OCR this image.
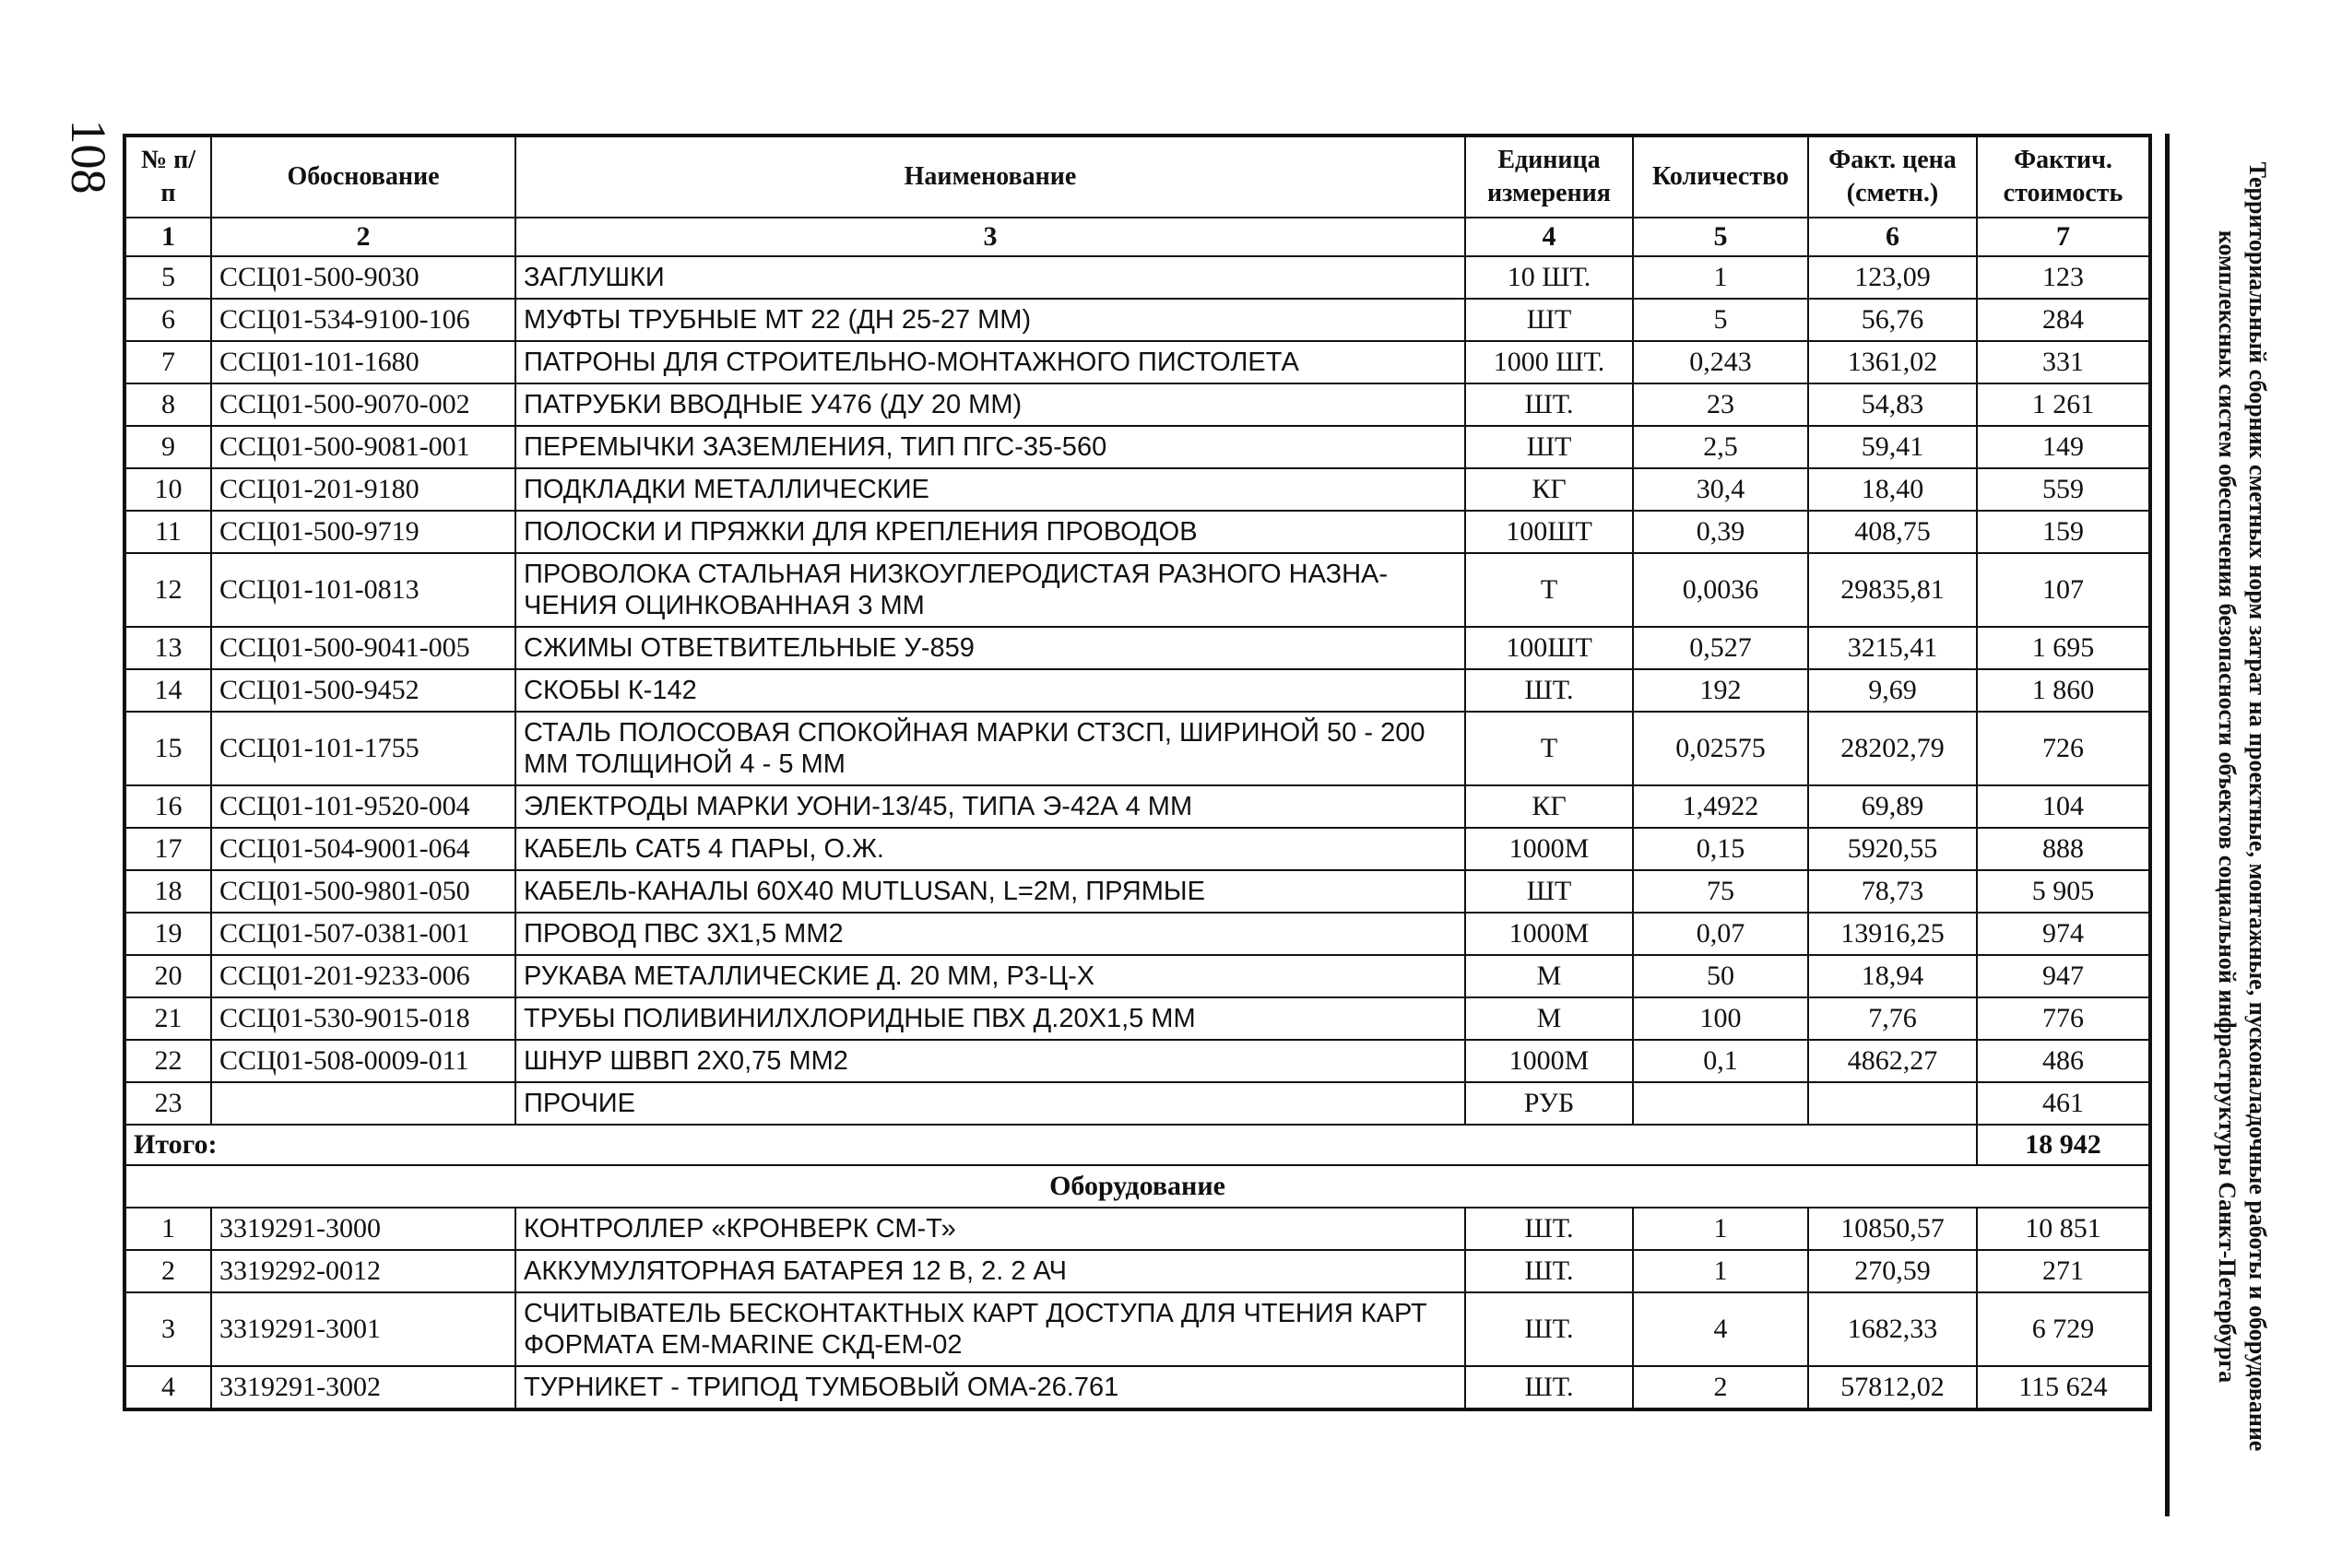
108
Территориальный сборник сметных норм затрат на проектные, монтажные, пусконаладочные работы и оборудование
комплексных систем обеспечения безопасности объектов социальной инфраструктуры Санкт-Петербурга
№ п/п	Обоснование	Наименование	Единица измерения	Количество	Факт. цена (сметн.)	Фактич. стоимость
1	2	3	4	5	6	7
5	ССЦ01-500-9030	ЗАГЛУШКИ	10 ШТ.	1	123,09	123
6	ССЦ01-534-9100-106	МУФТЫ ТРУБНЫЕ МТ 22 (ДН 25-27 ММ)	ШТ	5	56,76	284
7	ССЦ01-101-1680	ПАТРОНЫ ДЛЯ СТРОИТЕЛЬНО-МОНТАЖНОГО ПИСТОЛЕТА	1000 ШТ.	0,243	1361,02	331
8	ССЦ01-500-9070-002	ПАТРУБКИ ВВОДНЫЕ У476 (ДУ 20 ММ)	ШТ.	23	54,83	1 261
9	ССЦ01-500-9081-001	ПЕРЕМЫЧКИ ЗАЗЕМЛЕНИЯ, ТИП ПГС-35-560	ШТ	2,5	59,41	149
10	ССЦ01-201-9180	ПОДКЛАДКИ МЕТАЛЛИЧЕСКИЕ	КГ	30,4	18,40	559
11	ССЦ01-500-9719	ПОЛОСКИ И ПРЯЖКИ ДЛЯ КРЕПЛЕНИЯ ПРОВОДОВ	100ШТ	0,39	408,75	159
12	ССЦ01-101-0813	ПРОВОЛОКА СТАЛЬНАЯ НИЗКОУГЛЕРОДИСТАЯ РАЗНОГО НАЗНА-ЧЕНИЯ ОЦИНКОВАННАЯ 3 ММ	Т	0,0036	29835,81	107
13	ССЦ01-500-9041-005	СЖИМЫ ОТВЕТВИТЕЛЬНЫЕ У-859	100ШТ	0,527	3215,41	1 695
14	ССЦ01-500-9452	СКОБЫ К-142	ШТ.	192	9,69	1 860
15	ССЦ01-101-1755	СТАЛЬ ПОЛОСОВАЯ СПОКОЙНАЯ МАРКИ СТ3СП, ШИРИНОЙ 50 - 200 ММ ТОЛЩИНОЙ 4 - 5 ММ	Т	0,02575	28202,79	726
16	ССЦ01-101-9520-004	ЭЛЕКТРОДЫ МАРКИ УОНИ-13/45, ТИПА Э-42А 4 ММ	КГ	1,4922	69,89	104
17	ССЦ01-504-9001-064	КАБЕЛЬ САТ5 4 ПАРЫ, О.Ж.	1000М	0,15	5920,55	888
18	ССЦ01-500-9801-050	КАБЕЛЬ-КАНАЛЫ 60Х40 MUTLUSAN, L=2М, ПРЯМЫЕ	ШТ	75	78,73	5 905
19	ССЦ01-507-0381-001	ПРОВОД ПВС 3Х1,5 ММ2	1000М	0,07	13916,25	974
20	ССЦ01-201-9233-006	РУКАВА МЕТАЛЛИЧЕСКИЕ Д. 20 ММ, Р3-Ц-Х	М	50	18,94	947
21	ССЦ01-530-9015-018	ТРУБЫ ПОЛИВИНИЛХЛОРИДНЫЕ ПВХ Д.20Х1,5 ММ	М	100	7,76	776
22	ССЦ01-508-0009-011	ШНУР ШВВП 2Х0,75 ММ2	1000М	0,1	4862,27	486
23		ПРОЧИЕ	РУБ			461
Итого:						18 942
Оборудование						
1	3319291-3000	КОНТРОЛЛЕР «КРОНВЕРК СМ-Т»	ШТ.	1	10850,57	10 851
2	3319292-0012	АККУМУЛЯТОРНАЯ БАТАРЕЯ 12 В, 2. 2 АЧ	ШТ.	1	270,59	271
3	3319291-3001	СЧИТЫВАТЕЛЬ БЕСКОНТАКТНЫХ КАРТ ДОСТУПА ДЛЯ ЧТЕНИЯ КАРТ ФОРМАТА EM-MARINE СКД-ЕМ-02	ШТ.	4	1682,33	6 729
4	3319291-3002	ТУРНИКЕТ - ТРИПОД ТУМБОВЫЙ ОМА-26.761	ШТ.	2	57812,02	115 624
